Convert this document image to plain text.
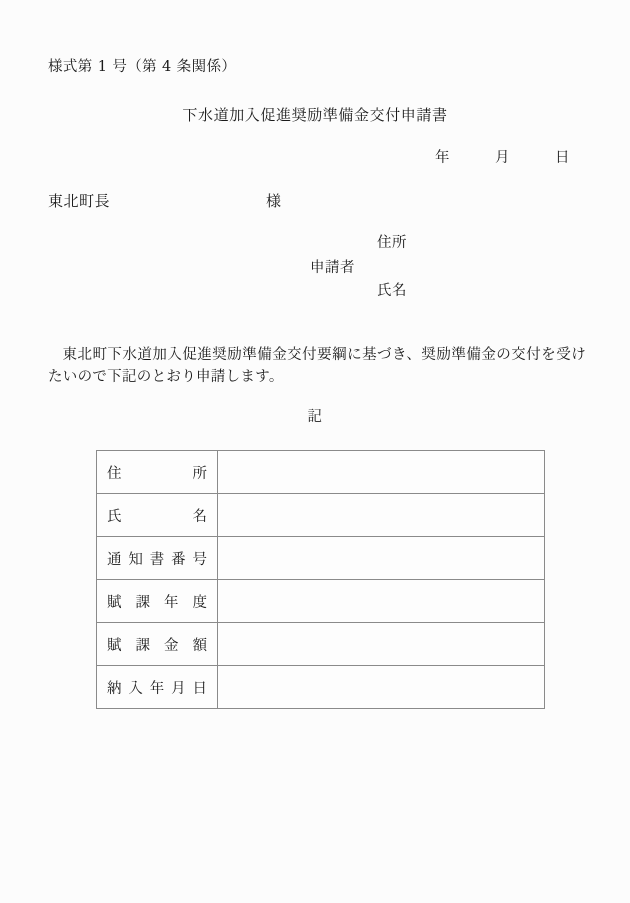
様式第 1 号（第 4 条関係）
下水道加入促進奨励準備金交付申請書
年　　　月　　　日
東北町長	様
住所
申請者
氏名
東北町下水道加入促進奨励準備金交付要綱に基づき、奨励準備金の交付を受けたいので下記のとおり申請します。
記
住所	

氏名	

通知書番号	

賦課年度	

賦課金額	

納入年月日	
